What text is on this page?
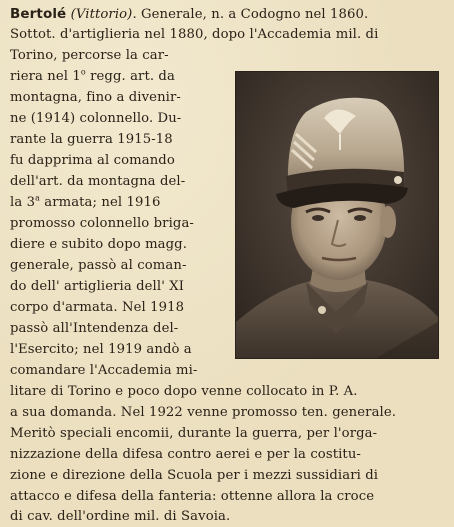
Bertolé (Vittorio). Generale, n. a Codogno nel 1860.
Sottot. d'artiglieria nel 1880, dopo l'Accademia mil. di
Torino, percorse la car-
riera nel 1$^o$ regg. art. da
montagna, fino a divenir-
ne (1914) colonnello. Du-
rante la guerra 1915-18
fu dapprima al comando
dell'art. da montagna del-
la 3$^a$ armata; nel 1916
promosso colonnello briga-
diere e subito dopo magg.
generale, passò al coman-
do dell' artiglieria dell' XI
corpo d'armata. Nel 1918
passò all'Intendenza del-
l'Esercito; nel 1919 andò a
comandare l'Accademia mi-
litare di Torino e poco dopo venne collocato in P. A.
a sua domanda. Nel 1922 venne promosso ten. generale.
Meritò speciali encomii, durante la guerra, per l'orga-
nizzazione della difesa contro aerei e per la costitu-
zione e direzione della Scuola per i mezzi sussidiari di
attacco e difesa della fanteria: ottenne allora la croce
di cav. dell'ordine mil. di Savoia.
